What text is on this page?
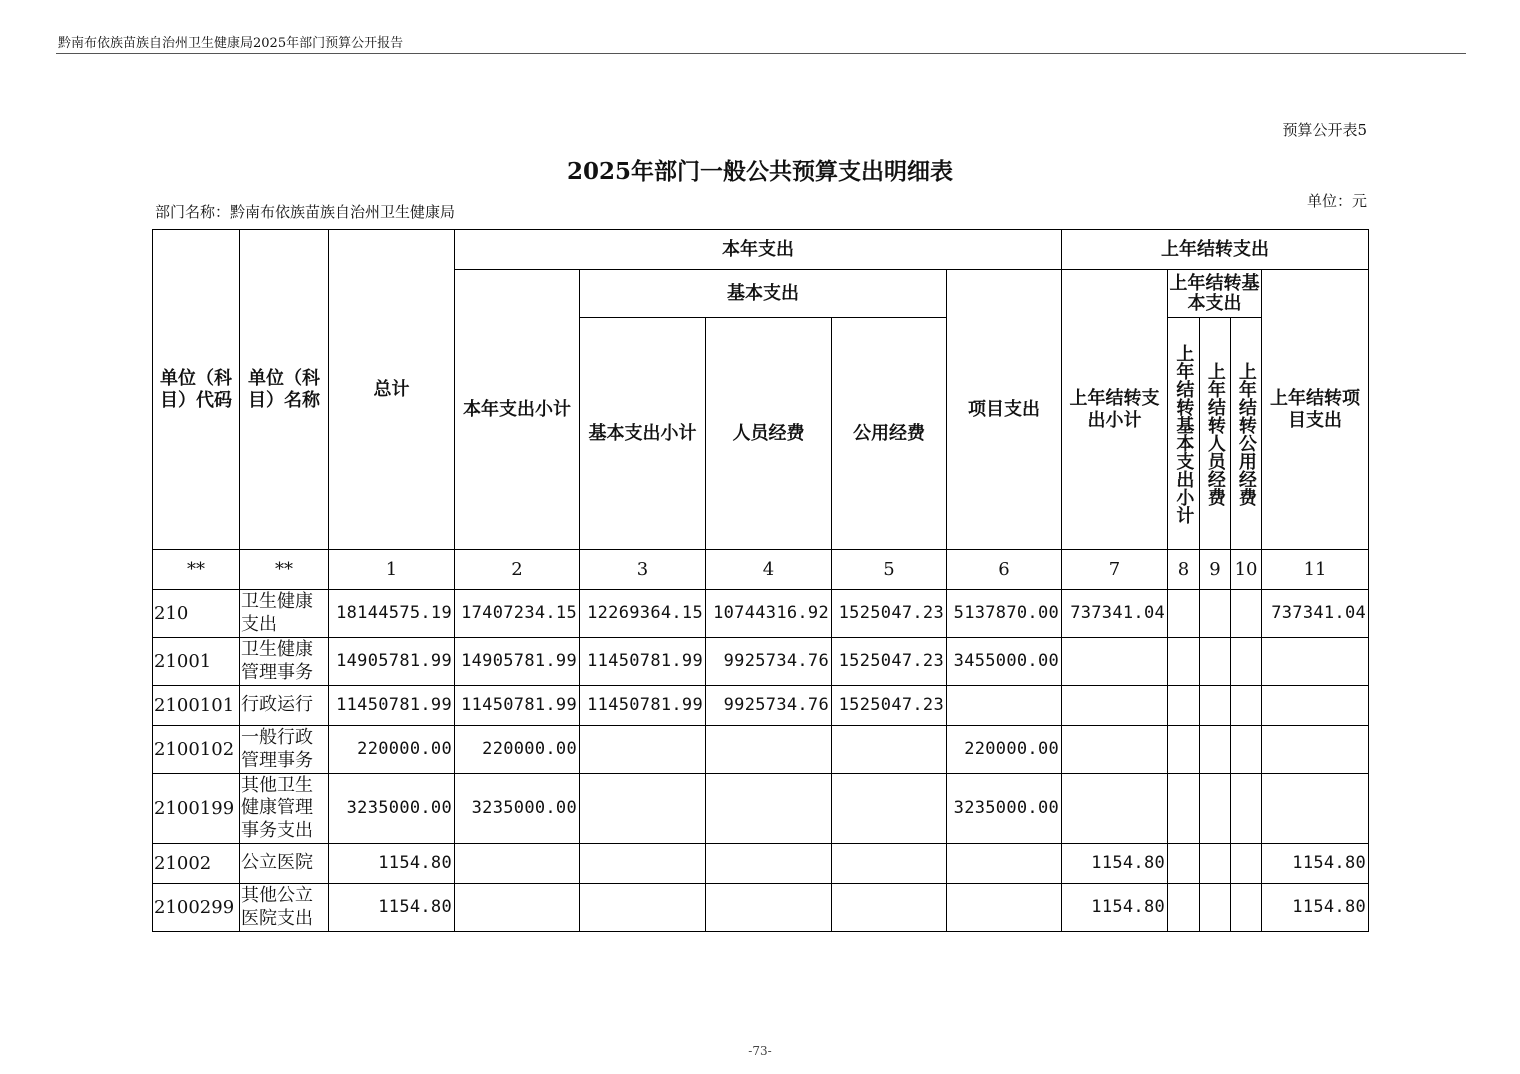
黔南布依族苗族自治州卫生健康局2025年部门预算公开报告
预算公开表5
2025年部门一般公共预算支出明细表
部门名称：黔南布依族苗族自治州卫生健康局
单位：元
单位（科目）代码	单位（科目）名称	总计	本年支出					上年结转支出				
			本年支出小计	基本支出			项目支出	上年结转支出小计	上年结转基本支出			上年结转项目支出
				基本支出小计	人员经费	公用经费			上年结转基本支出小计	上年结转人员经费	上年结转公用经费	

**	**	1	2	3	4	5	6	7	8	9	10	11
210	卫生健康支出	18144575.19	17407234.15	12269364.15	10744316.92	1525047.23	5137870.00	737341.04				737341.04
21001	卫生健康管理事务	14905781.99	14905781.99	11450781.99	9925734.76	1525047.23	3455000.00					
2100101	行政运行	11450781.99	11450781.99	11450781.99	9925734.76	1525047.23						
2100102	一般行政管理事务	220000.00	220000.00				220000.00					
2100199	其他卫生健康管理事务支出	3235000.00	3235000.00				3235000.00					
21002	公立医院	1154.80						1154.80				1154.80
2100299	其他公立医院支出	1154.80						1154.80				1154.80
-73-
